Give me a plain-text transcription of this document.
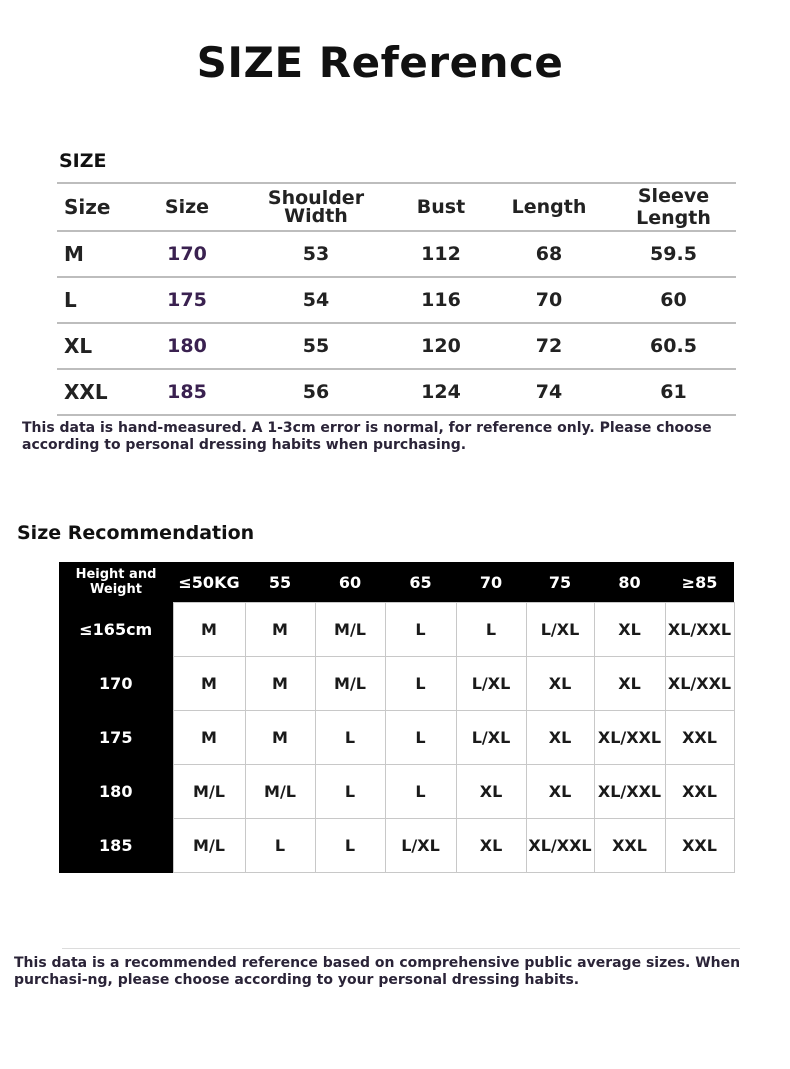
SIZE Reference
SIZE
Size	Size	Shoulder Width	Bust	Length	Sleeve Length
M	170	53	112	68	59.5
L	175	54	116	70	60
XL	180	55	120	72	60.5
XXL	185	56	124	74	61
This data is hand-measured. A 1-3cm error is normal, for reference only. Please choose according to personal dressing habits when purchasing.
Size Recommendation
Height and Weight	≤50KG	55	60	65	70	75	80	≥85
≤165cm	M	M	M/L	L	L	L/XL	XL	XL/XXL
170	M	M	M/L	L	L/XL	XL	XL	XL/XXL
175	M	M	L	L	L/XL	XL	XL/XXL	XXL
180	M/L	M/L	L	L	XL	XL	XL/XXL	XXL
185	M/L	L	L	L/XL	XL	XL/XXL	XXL	XXL
This data is a recommended reference based on comprehensive public average sizes. When purchasi-ng, please choose according to your personal dressing habits.
